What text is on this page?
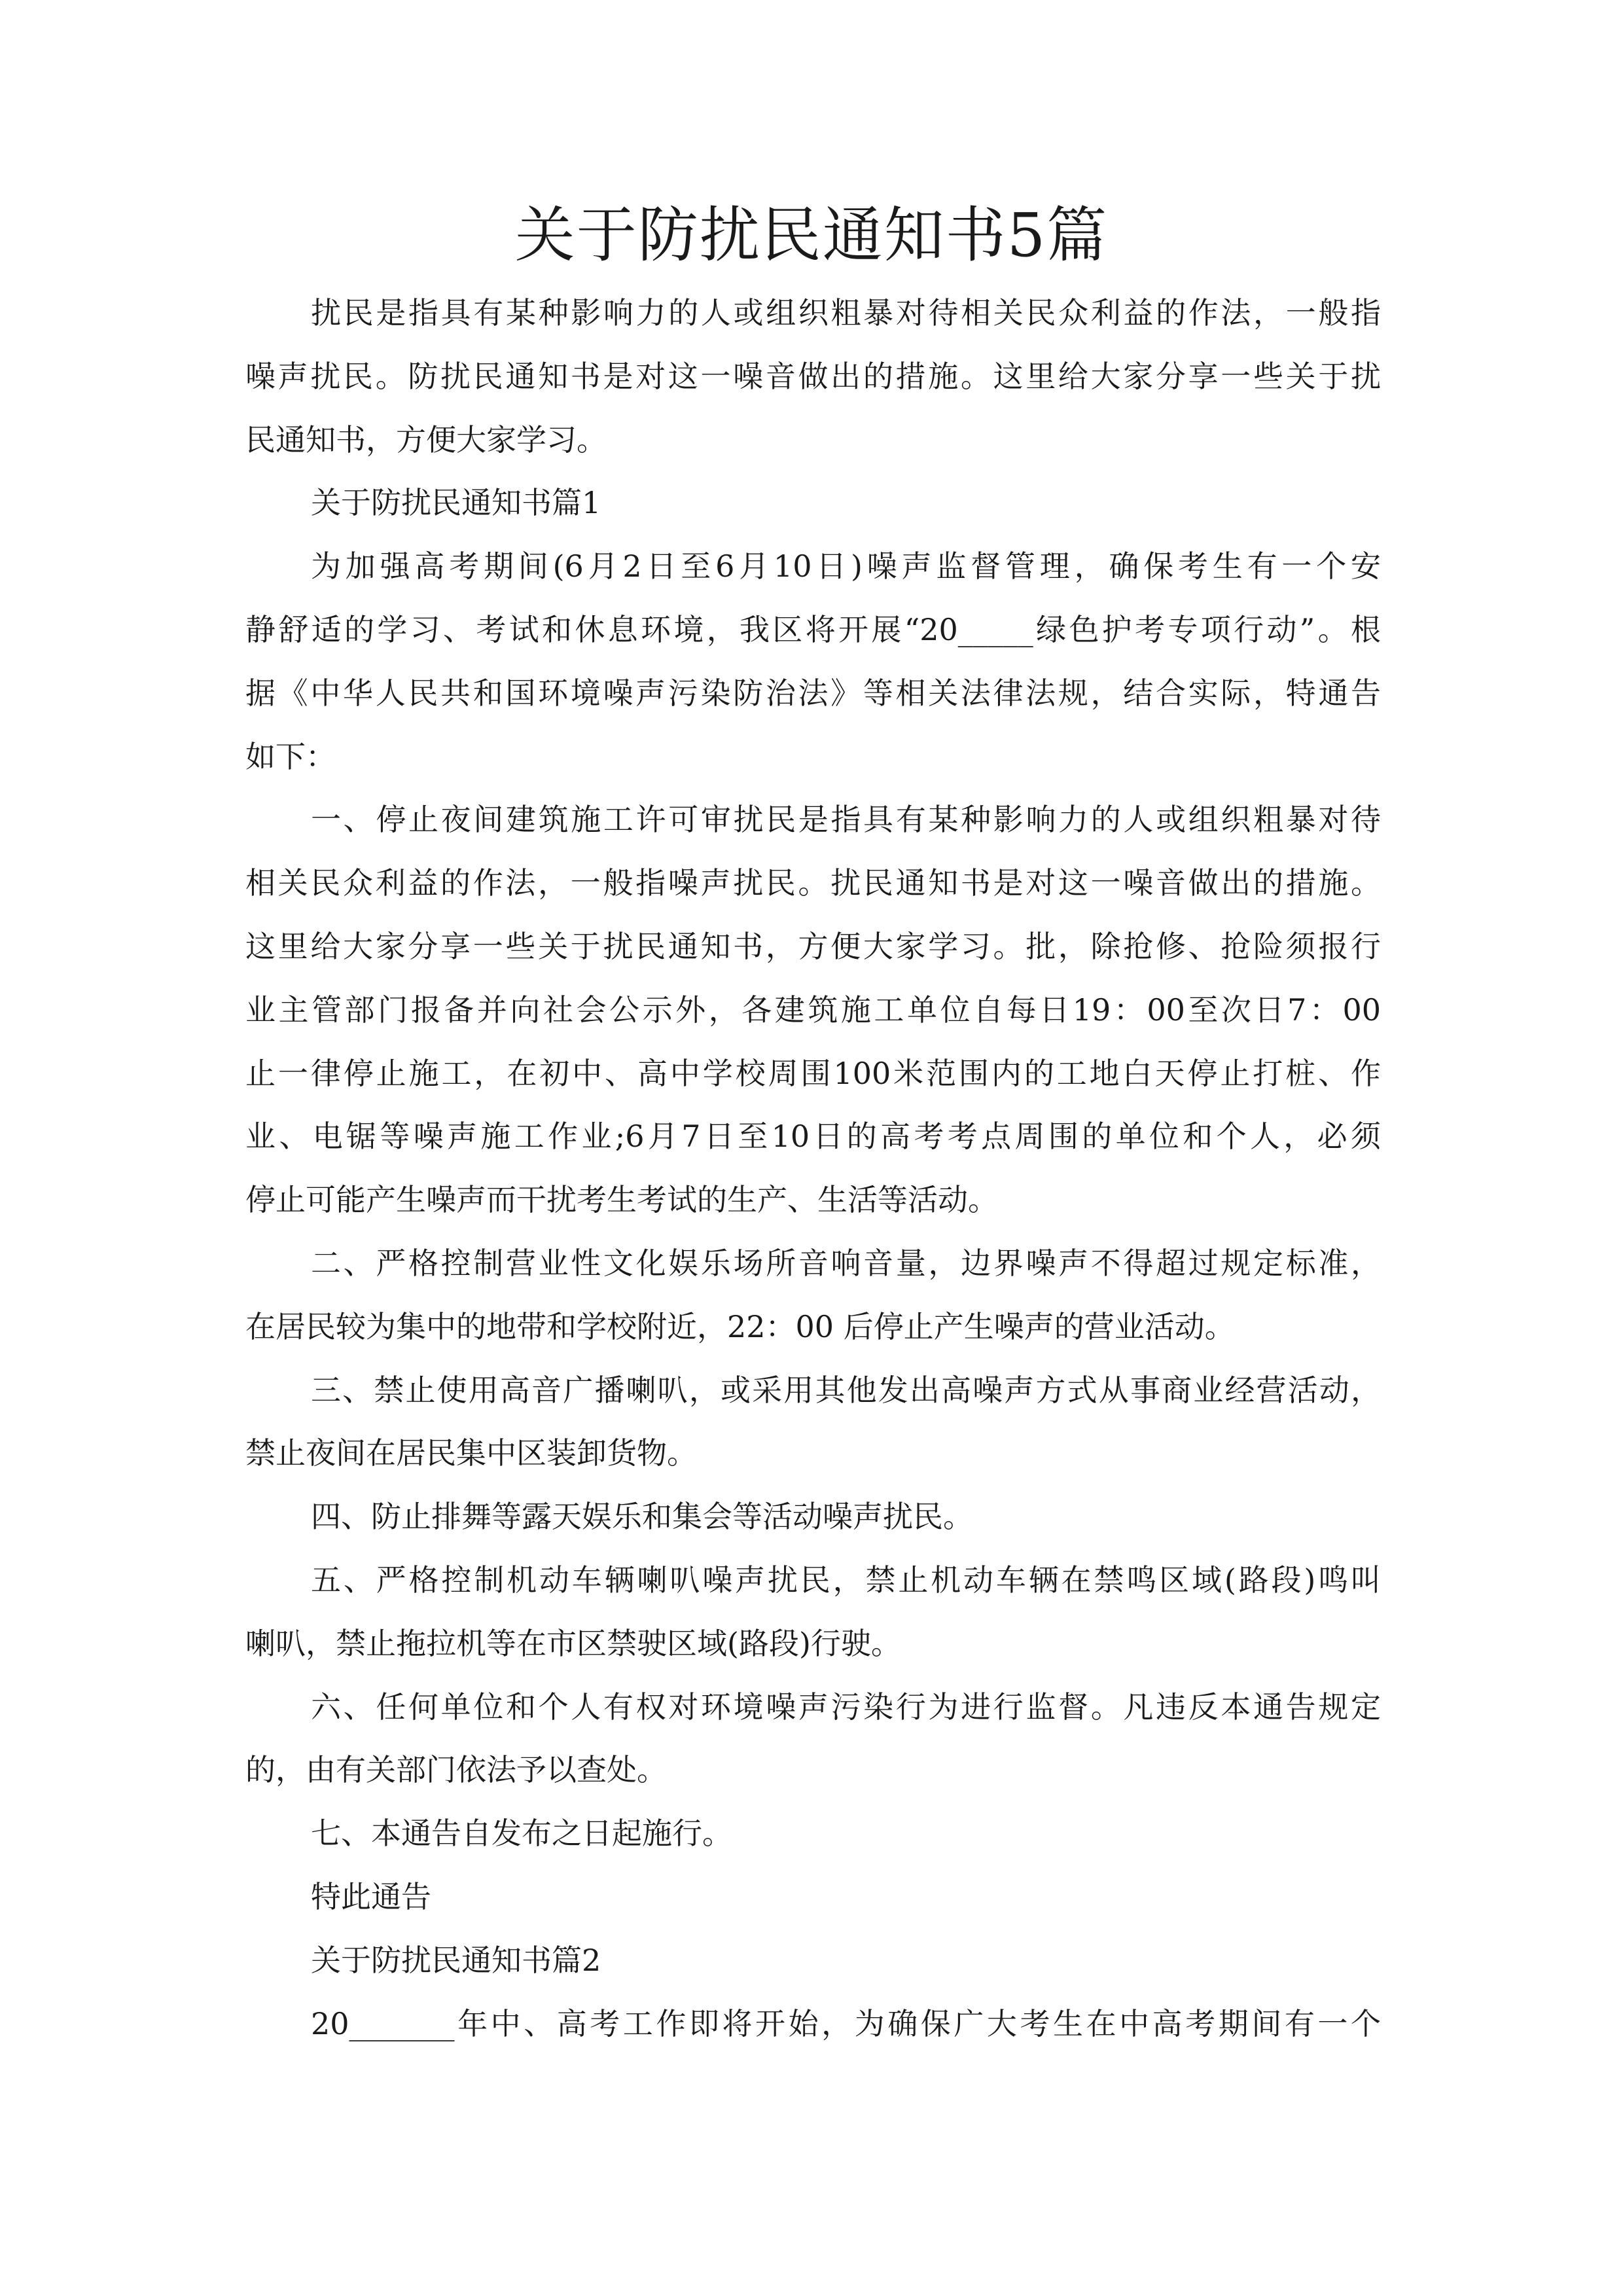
关于防扰民通知书5篇
扰民是指具有某种影响力的人或组织粗暴对待相关民众利益的作法，一般指
噪声扰民。防扰民通知书是对这一噪音做出的措施。这里给大家分享一些关于扰
民通知书，方便大家学习。
关于防扰民通知书篇1
为加强高考期间(6月2日至6月10日)噪声监督管理，确保考生有一个安
静舒适的学习、考试和休息环境，我区将开展“20_____绿色护考专项行动”。根
据《中华人民共和国环境噪声污染防治法》等相关法律法规，结合实际，特通告
如下：
一、停止夜间建筑施工许可审扰民是指具有某种影响力的人或组织粗暴对待
相关民众利益的作法，一般指噪声扰民。扰民通知书是对这一噪音做出的措施。
这里给大家分享一些关于扰民通知书，方便大家学习。批，除抢修、抢险须报行
业主管部门报备并向社会公示外，各建筑施工单位自每日19：00至次日7：00
止一律停止施工，在初中、高中学校周围100米范围内的工地白天停止打桩、作
业、电锯等噪声施工作业;6月7日至10日的高考考点周围的单位和个人，必须
停止可能产生噪声而干扰考生考试的生产、生活等活动。
二、严格控制营业性文化娱乐场所音响音量，边界噪声不得超过规定标准，
在居民较为集中的地带和学校附近，22：00 后停止产生噪声的营业活动。
三、禁止使用高音广播喇叭，或采用其他发出高噪声方式从事商业经营活动，
禁止夜间在居民集中区装卸货物。
四、防止排舞等露天娱乐和集会等活动噪声扰民。
五、严格控制机动车辆喇叭噪声扰民，禁止机动车辆在禁鸣区域(路段)鸣叫
喇叭，禁止拖拉机等在市区禁驶区域(路段)行驶。
六、任何单位和个人有权对环境噪声污染行为进行监督。凡违反本通告规定
的，由有关部门依法予以查处。
七、本通告自发布之日起施行。
特此通告
关于防扰民通知书篇2
20_______年中、高考工作即将开始，为确保广大考生在中高考期间有一个
